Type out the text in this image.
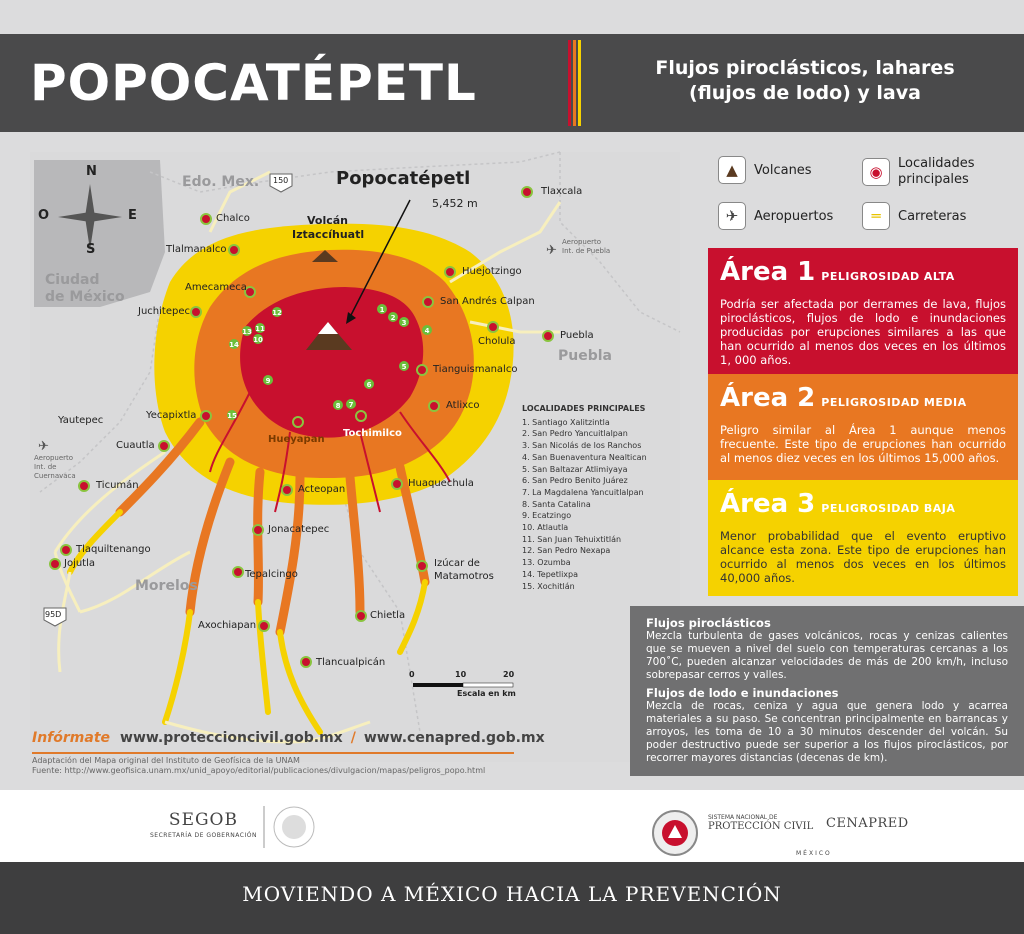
POPOCATÉPETL	Flujos piroclásticos, lahares
(flujos de lodo) y lava
1
2
3
4
5
6
7
8
9
10
11
12
13
14
15
✈
✈
N
S
E
O
Edo. Mex.
Ciudad
de México
Puebla
Morelos
Popocatépetl
5,452 m
Volcán
Iztaccíhuatl
150
95D
Aeropuerto
Int. de Puebla
Aeropuerto
Int. de
Cuernavaca
Chalco
Tlalmanalco
Amecameca
Juchitepec
Tlaxcala
Huejotzingo
San Andrés Calpan
Cholula
Puebla
Tianguismanalco
Atlixco
Yautepec	Yecapixtla
Hueyapan
Tochimilco
Cuautla
Ticumán	Acteopan
Huaquechula
Jonacatepec
Tlaquiltenango
Jojutla
Tepalcingo
Izúcar de
Matamotros
Axochiapan
Chietla
Tlancualpicán
0	10	20
Escala en km
LOCALIDADES PRINCIPALES
1. Santiago Xalitzintla
2. San Pedro Yancuitlalpan
3. San Nicolás de los Ranchos
4. San Buenaventura Nealtican
5. San Baltazar Atlimiyaya
6. San Pedro Benito Juárez
7. La Magdalena Yancuitlalpan
8. Santa Catalina
9. Ecatzingo
10. Atlautla
11. San Juan Tehuixtitlán
12. San Pedro Nexapa
13. Ozumba
14. Tepetlixpa
15. Xochitlán
▲	Volcanes	◉	Localidades
principales
✈	Aeropuertos	═	Carreteras
Área 1 PELIGROSIDAD ALTA
Podría ser afectada por derrames de lava, flujos piroclásticos, flujos de lodo e inundaciones producidas por erupciones similares a las que han ocurrido al menos dos veces en los últimos 1, 000 años.
Área 2 PELIGROSIDAD MEDIA
Peligro similar al Área 1 aunque menos frecuente. Este tipo de erupciones han ocurrido al menos diez veces en los últimos 15,000 años.
Área 3 PELIGROSIDAD BAJA
Menor probabilidad que el evento eruptivo alcance esta zona. Este tipo de erupciones han ocurrido al menos dos veces en los últimos 40,000 años.
Flujos piroclásticos
Mezcla turbulenta de gases volcánicos, rocas y cenizas calientes que se mueven a nivel del suelo con temperaturas cercanas a los 700˚C, pueden alcanzar velocidades de más de 200 km/h, incluso sobrepasar cerros y valles.
Flujos de lodo e inundaciones
Mezcla de rocas, ceniza y agua que genera lodo y acarrea materiales a su paso. Se concentran principalmente en barrancas y arroyos, les toma de 10 a 30 minutos descender del volcán. Su poder destructivo puede ser superior a los flujos piroclásticos, por recorrer mayores distancias (decenas de km).
Infórmate www.proteccioncivil.gob.mx / www.cenapred.gob.mx
Adaptación del Mapa original del Instituto de Geofísica de la UNAM
Fuente: http://www.geofisica.unam.mx/unid_apoyo/editorial/publicaciones/divulgacion/mapas/peligros_popo.html
SEGOB
SECRETARÍA DE GOBERNACIÓN
SISTEMA NACIONAL DE
PROTECCIÓN CIVIL CENAPRED
MÉXICO
MOVIENDO A MÉXICO HACIA LA PREVENCIÓN
